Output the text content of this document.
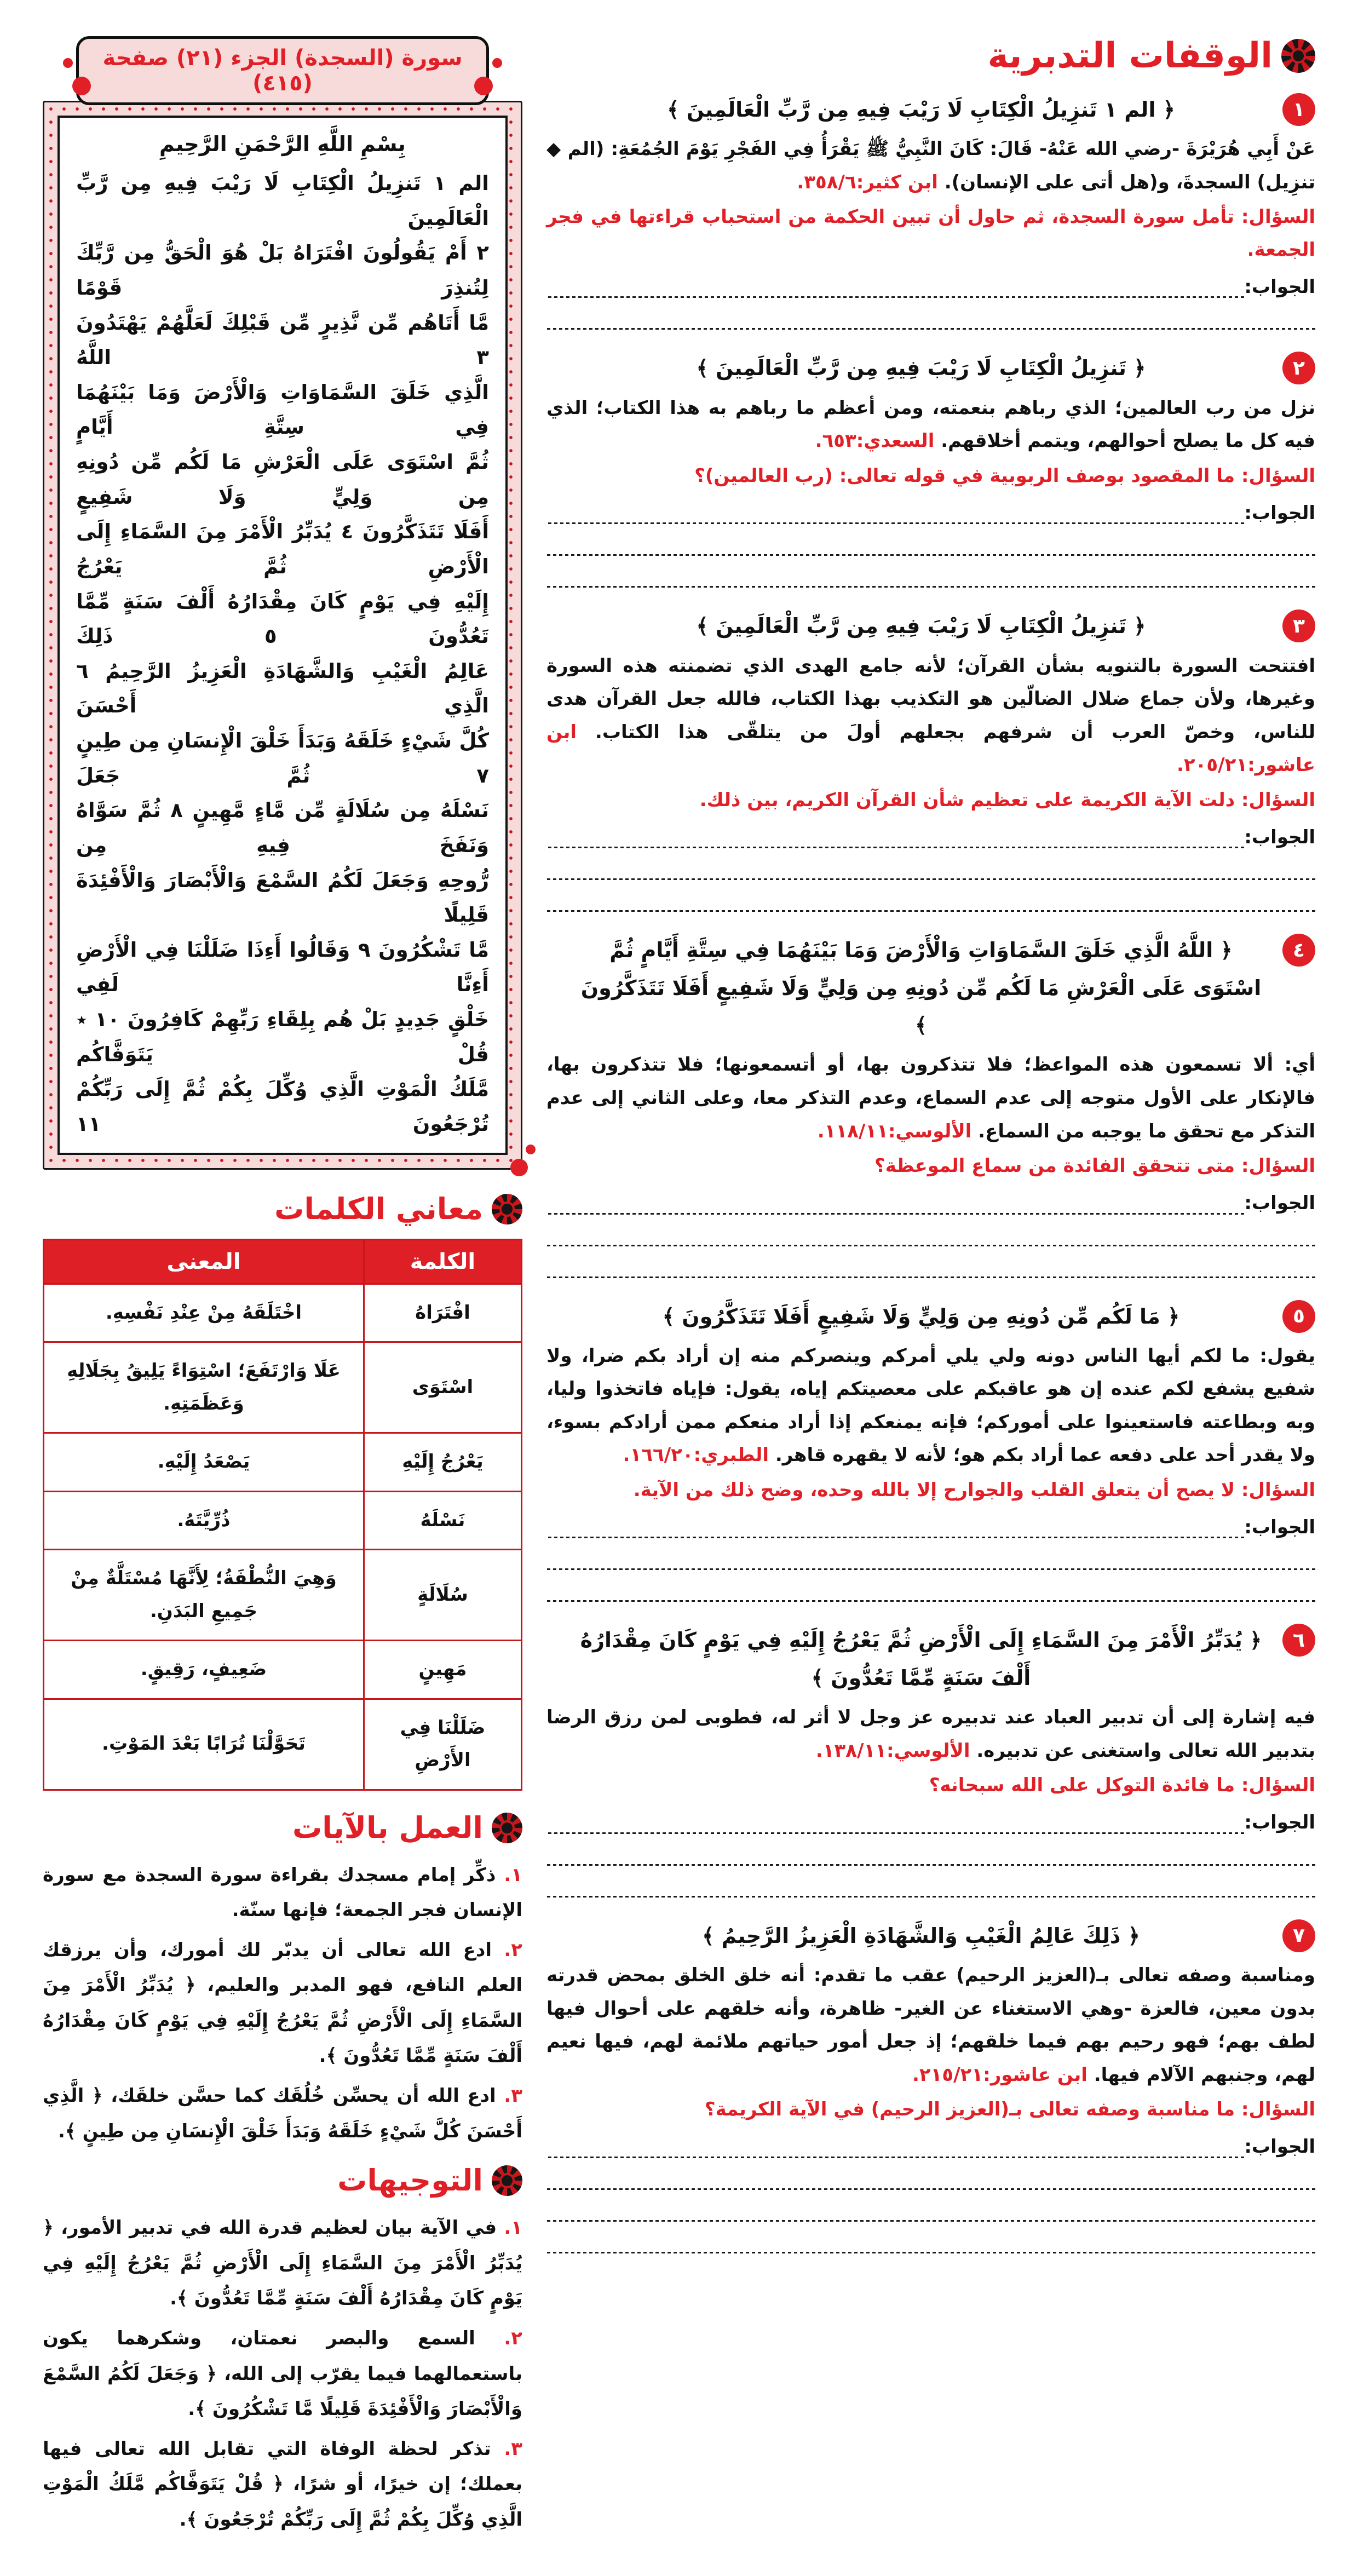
الوقفات التدبرية
١
﴿ الم ١ تَنزِيلُ الْكِتَابِ لَا رَيْبَ فِيهِ مِن رَّبِّ الْعَالَمِينَ ﴾

عَنْ أَبِي هُرَيْرَةَ -رضي الله عَنْهُ- قَالَ: كَانَ النَّبِيُّ ﷺ يَقْرَأُ فِي الفَجْرِ يَوْمَ الجُمُعَةِ: (الم ◆ تنزِيل) السجدةَ، و(هل أتى على الإنسان). ابن كثير:٣٥٨/٦.

السؤال: تأمل سورة السجدة، ثم حاول أن تبين الحكمة من استحباب قراءتها في فجر الجمعة.

الجواب:
٢
﴿ تَنزِيلُ الْكِتَابِ لَا رَيْبَ فِيهِ مِن رَّبِّ الْعَالَمِينَ ﴾

نزل من رب العالمين؛ الذي رباهم بنعمته، ومن أعظم ما رباهم به هذا الكتاب؛ الذي فيه كل ما يصلح أحوالهم، ويتمم أخلاقهم. السعدي:٦٥٣.

السؤال: ما المقصود بوصف الربوبية في قوله تعالى: (رب العالمين)؟

الجواب:
٣
﴿ تَنزِيلُ الْكِتَابِ لَا رَيْبَ فِيهِ مِن رَّبِّ الْعَالَمِينَ ﴾

افتتحت السورة بالتنويه بشأن القرآن؛ لأنه جامع الهدى الذي تضمنته هذه السورة وغيرها، ولأن جماع ضلال الضالّين هو التكذيب بهذا الكتاب، فالله جعل القرآن هدى للناس، وخصّ العرب أن شرفهم بجعلهم أولَ من يتلقّى هذا الكتاب. ابن عاشور:٢٠٥/٢١.

السؤال: دلت الآية الكريمة على تعظيم شأن القرآن الكريم، بين ذلك.

الجواب:
٤
﴿ اللَّهُ الَّذِي خَلَقَ السَّمَاوَاتِ وَالْأَرْضَ وَمَا بَيْنَهُمَا فِي سِتَّةِ أَيَّامٍ ثُمَّ اسْتَوَى عَلَى الْعَرْشِ مَا لَكُم مِّن دُونِهِ مِن وَلِيٍّ وَلَا شَفِيعٍ أَفَلَا تَتَذَكَّرُونَ ﴾

أي: ألا تسمعون هذه المواعظ؛ فلا تتذكرون بها، أو أتسمعونها؛ فلا تتذكرون بها، فالإنكار على الأول متوجه إلى عدم السماع، وعدم التذكر معا، وعلى الثاني إلى عدم التذكر مع تحقق ما يوجبه من السماع. الألوسي:١١٨/١١.

السؤال: متى تتحقق الفائدة من سماع الموعظة؟

الجواب:
٥
﴿ مَا لَكُم مِّن دُونِهِ مِن وَلِيٍّ وَلَا شَفِيعٍ أَفَلَا تَتَذَكَّرُونَ ﴾

يقول: ما لكم أيها الناس دونه ولي يلي أمركم وينصركم منه إن أراد بكم ضرا، ولا شفيع يشفع لكم عنده إن هو عاقبكم على معصيتكم إياه، يقول: فإياه فاتخذوا وليا، وبه وبطاعته فاستعينوا على أموركم؛ فإنه يمنعكم إذا أراد منعكم ممن أرادكم بسوء، ولا يقدر أحد على دفعه عما أراد بكم هو؛ لأنه لا يقهره قاهر. الطبري:١٦٦/٢٠.

السؤال: لا يصح أن يتعلق القلب والجوارح إلا بالله وحده، وضح ذلك من الآية.

الجواب:
٦
﴿ يُدَبِّرُ الْأَمْرَ مِنَ السَّمَاءِ إِلَى الْأَرْضِ ثُمَّ يَعْرُجُ إِلَيْهِ فِي يَوْمٍ كَانَ مِقْدَارُهُ أَلْفَ سَنَةٍ مِّمَّا تَعُدُّونَ ﴾

فيه إشارة إلى أن تدبير العباد عند تدبيره عز وجل لا أثر له، فطوبى لمن رزق الرضا بتدبير الله تعالى واستغنى عن تدبيره. الألوسي:١٣٨/١١.

السؤال: ما فائدة التوكل على الله سبحانه؟

الجواب:
٧
﴿ ذَلِكَ عَالِمُ الْغَيْبِ وَالشَّهَادَةِ الْعَزِيزُ الرَّحِيمُ ﴾

ومناسبة وصفه تعالى بـ(العزيز الرحيم) عقب ما تقدم: أنه خلق الخلق بمحض قدرته بدون معين، فالعزة -وهي الاستغناء عن الغير- ظاهرة، وأنه خلقهم على أحوال فيها لطف بهم؛ فهو رحيم بهم فيما خلقهم؛ إذ جعل أمور حياتهم ملائمة لهم، فيها نعيم لهم، وجنبهم الآلام فيها. ابن عاشور:٢١٥/٢١.

السؤال: ما مناسبة وصفه تعالى بـ(العزيز الرحيم) في الآية الكريمة؟

الجواب:
سورة (السجدة) الجزء (٢١) صفحة (٤١٥)
بِسْمِ اللَّهِ الرَّحْمَنِ الرَّحِيمِ
الم ١ تَنزِيلُ الْكِتَابِ لَا رَيْبَ فِيهِ مِن رَّبِّ الْعَالَمِينَ
٢ أَمْ يَقُولُونَ افْتَرَاهُ بَلْ هُوَ الْحَقُّ مِن رَّبِّكَ لِتُنذِرَ قَوْمًا
مَّا أَتَاهُم مِّن نَّذِيرٍ مِّن قَبْلِكَ لَعَلَّهُمْ يَهْتَدُونَ ٣ اللَّهُ
الَّذِي خَلَقَ السَّمَاوَاتِ وَالْأَرْضَ وَمَا بَيْنَهُمَا فِي سِتَّةِ أَيَّامٍ
ثُمَّ اسْتَوَى عَلَى الْعَرْشِ مَا لَكُم مِّن دُونِهِ مِن وَلِيٍّ وَلَا شَفِيعٍ
أَفَلَا تَتَذَكَّرُونَ ٤ يُدَبِّرُ الْأَمْرَ مِنَ السَّمَاءِ إِلَى الْأَرْضِ ثُمَّ يَعْرُجُ
إِلَيْهِ فِي يَوْمٍ كَانَ مِقْدَارُهُ أَلْفَ سَنَةٍ مِّمَّا تَعُدُّونَ ٥ ذَلِكَ
عَالِمُ الْغَيْبِ وَالشَّهَادَةِ الْعَزِيزُ الرَّحِيمُ ٦ الَّذِي أَحْسَنَ
كُلَّ شَيْءٍ خَلَقَهُ وَبَدَأَ خَلْقَ الْإِنسَانِ مِن طِينٍ ٧ ثُمَّ جَعَلَ
نَسْلَهُ مِن سُلَالَةٍ مِّن مَّاءٍ مَّهِينٍ ٨ ثُمَّ سَوَّاهُ وَنَفَخَ فِيهِ مِن
رُّوحِهِ وَجَعَلَ لَكُمُ السَّمْعَ وَالْأَبْصَارَ وَالْأَفْئِدَةَ قَلِيلًا
مَّا تَشْكُرُونَ ٩ وَقَالُوا أَءِذَا ضَلَلْنَا فِي الْأَرْضِ أَءِنَّا لَفِي
خَلْقٍ جَدِيدٍ بَلْ هُم بِلِقَاءِ رَبِّهِمْ كَافِرُونَ ١٠ ٭ قُلْ يَتَوَفَّاكُم
مَّلَكُ الْمَوْتِ الَّذِي وُكِّلَ بِكُمْ ثُمَّ إِلَى رَبِّكُمْ تُرْجَعُونَ ١١
معاني الكلمات
الكلمة	المعنى
افْتَرَاهُ	اخْتَلَقَهُ مِنْ عِنْدِ نَفْسِهِ.
اسْتَوَى	عَلَا وَارْتَفَعَ؛ اسْتِوَاءً يَلِيقُ بِجَلَالِهِ وَعَظَمَتِهِ.
يَعْرُجُ إِلَيْهِ	يَصْعَدُ إِلَيْهِ.
نَسْلَهُ	ذُرِّيَّتَهُ.
سُلَالَةٍ	وَهِيَ النُّطْفَةُ؛ لِأَنَّهَا مُسْتَلَّةٌ مِنْ جَمِيعِ البَدَنِ.
مَهِينٍ	ضَعِيفٍ، رَقِيقٍ.
ضَلَلْنَا فِي الأَرْضِ	تَحَوَّلْنَا تُرَابًا بَعْدَ المَوْتِ.
العمل بالآيات
١. ذكِّر إمام مسجدك بقراءة سورة السجدة مع سورة الإنسان فجر الجمعة؛ فإنها سنّة.
٢. ادع الله تعالى أن يدبّر لك أمورك، وأن يرزقك العلم النافع، فهو المدبر والعليم، ﴿ يُدَبِّرُ الْأَمْرَ مِنَ السَّمَاءِ إِلَى الْأَرْضِ ثُمَّ يَعْرُجُ إِلَيْهِ فِي يَوْمٍ كَانَ مِقْدَارُهُ أَلْفَ سَنَةٍ مِّمَّا تَعُدُّونَ ﴾.
٣. ادع الله أن يحسِّن خُلُقَك كما حسَّن خلقَك، ﴿ الَّذِي أَحْسَنَ كُلَّ شَيْءٍ خَلَقَهُ وَبَدَأَ خَلْقَ الْإِنسَانِ مِن طِينٍ ﴾.
التوجيهات
١. في الآية بيان لعظيم قدرة الله في تدبير الأمور، ﴿ يُدَبِّرُ الْأَمْرَ مِنَ السَّمَاءِ إِلَى الْأَرْضِ ثُمَّ يَعْرُجُ إِلَيْهِ فِي يَوْمٍ كَانَ مِقْدَارُهُ أَلْفَ سَنَةٍ مِّمَّا تَعُدُّونَ ﴾.
٢. السمع والبصر نعمتان، وشكرهما يكون باستعمالهما فيما يقرّب إلى الله، ﴿ وَجَعَلَ لَكُمُ السَّمْعَ وَالْأَبْصَارَ وَالْأَفْئِدَةَ قَلِيلًا مَّا تَشْكُرُونَ ﴾.
٣. تذكر لحظة الوفاة التي تقابل الله تعالى فيها بعملك؛ إن خيرًا، أو شرًا، ﴿ قُلْ يَتَوَفَّاكُم مَّلَكُ الْمَوْتِ الَّذِي وُكِّلَ بِكُمْ ثُمَّ إِلَى رَبِّكُمْ تُرْجَعُونَ ﴾.
